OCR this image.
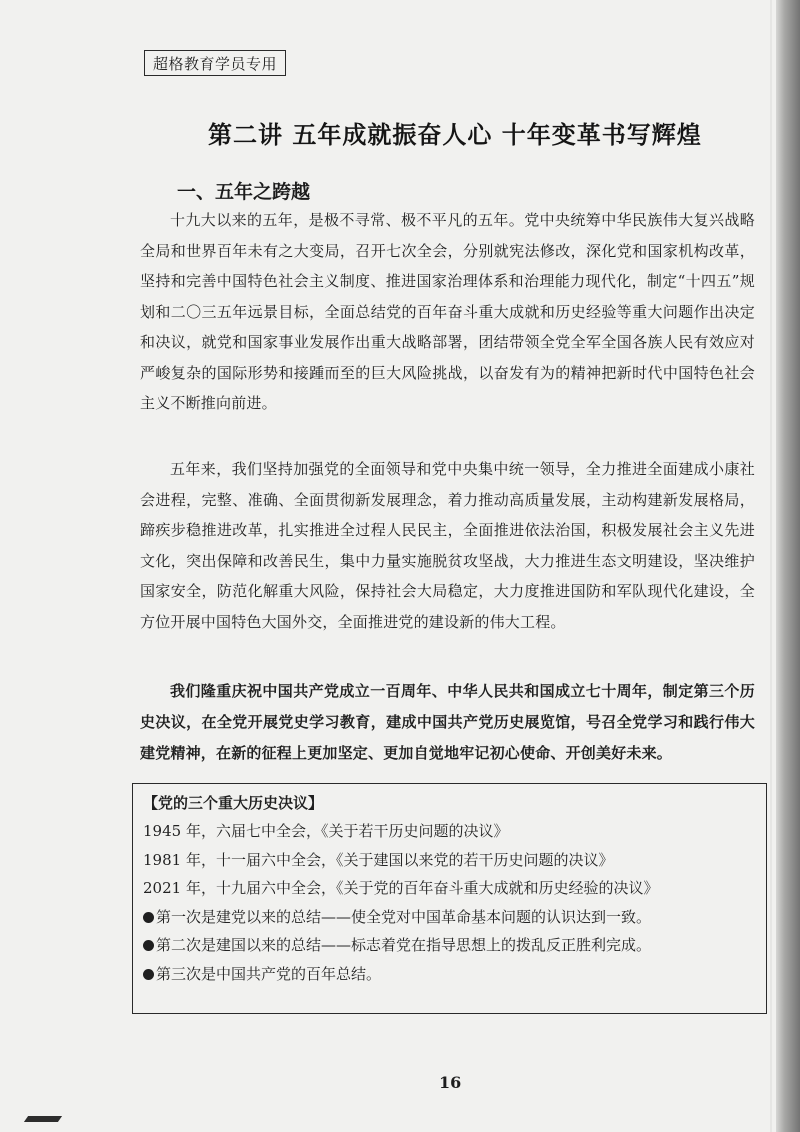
超格教育学员专用
第二讲 五年成就振奋人心 十年变革书写辉煌
一、五年之跨越

十九大以来的五年，是极不寻常、极不平凡的五年。党中央统筹中华民族伟大复兴战略全局和世界百年未有之大变局，召开七次全会，分别就宪法修改，深化党和国家机构改革，坚持和完善中国特色社会主义制度、推进国家治理体系和治理能力现代化，制定“十四五”规划和二〇三五年远景目标，全面总结党的百年奋斗重大成就和历史经验等重大问题作出决定和决议，就党和国家事业发展作出重大战略部署，团结带领全党全军全国各族人民有效应对严峻复杂的国际形势和接踵而至的巨大风险挑战，以奋发有为的精神把新时代中国特色社会主义不断推向前进。

五年来，我们坚持加强党的全面领导和党中央集中统一领导，全力推进全面建成小康社会进程，完整、准确、全面贯彻新发展理念，着力推动高质量发展，主动构建新发展格局，蹄疾步稳推进改革，扎实推进全过程人民民主，全面推进依法治国，积极发展社会主义先进文化，突出保障和改善民生，集中力量实施脱贫攻坚战，大力推进生态文明建设，坚决维护国家安全，防范化解重大风险，保持社会大局稳定，大力度推进国防和军队现代化建设，全方位开展中国特色大国外交，全面推进党的建设新的伟大工程。

我们隆重庆祝中国共产党成立一百周年、中华人民共和国成立七十周年，制定第三个历史决议，在全党开展党史学习教育，建成中国共产党历史展览馆，号召全党学习和践行伟大建党精神，在新的征程上更加坚定、更加自觉地牢记初心使命、开创美好未来。

【党的三个重大历史决议】
1945 年，六届七中全会，《关于若干历史问题的决议》
1981 年，十一届六中全会，《关于建国以来党的若干历史问题的决议》
2021 年，十九届六中全会，《关于党的百年奋斗重大成就和历史经验的决议》
第一次是建党以来的总结——使全党对中国革命基本问题的认识达到一致。
第二次是建国以来的总结——标志着党在指导思想上的拨乱反正胜利完成。
第三次是中国共产党的百年总结。
16
